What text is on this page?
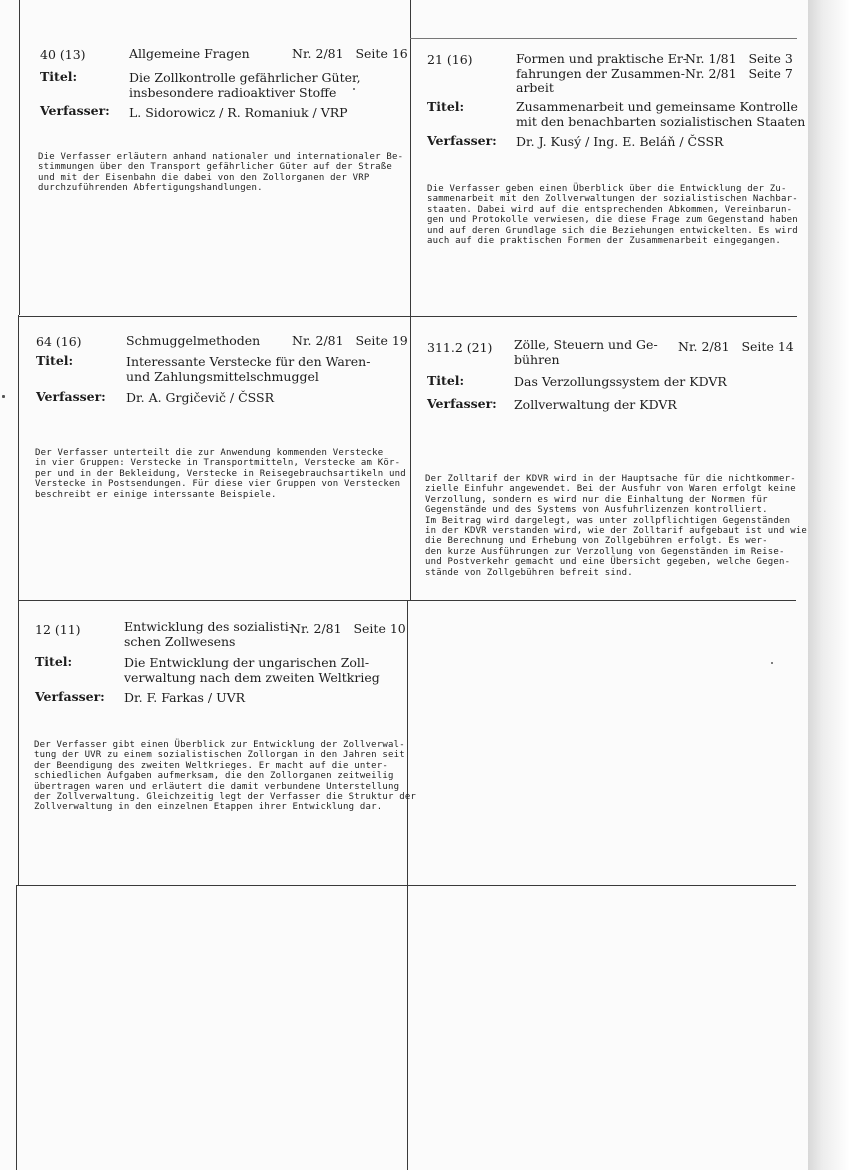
40 (13)	Allgemeine Fragen	Nr. 2/81   Seite 16
Titel:	Die Zollkontrolle gefährlicher Güter,
insbesondere radioaktiver Stoffe
Verfasser: L. Sidorowicz / R. Romaniuk / VRP
Die Verfasser erläutern anhand nationaler und internationaler Be-
stimmungen über den Transport gefährlicher Güter auf der Straße
und mit der Eisenbahn die dabei von den Zollorganen der VRP
durchzuführenden Abfertigungshandlungen.
21 (16)	Formen und praktische Er-
fahrungen der Zusammen-
arbeit
Nr. 1/81   Seite 3
Nr. 2/81   Seite 7
Titel:	Zusammenarbeit und gemeinsame Kontrolle
mit den benachbarten sozialistischen Staaten
Verfasser: Dr. J. Kusý / Ing. E. Beláň / ČSSR
Die Verfasser geben einen Überblick über die Entwicklung der Zu-
sammenarbeit mit den Zollverwaltungen der sozialistischen Nachbar-
staaten. Dabei wird auf die entsprechenden Abkommen, Vereinbarun-
gen und Protokolle verwiesen, die diese Frage zum Gegenstand haben
und auf deren Grundlage sich die Beziehungen entwickelten. Es wird
auch auf die praktischen Formen der Zusammenarbeit eingegangen.
64 (16)	Schmuggelmethoden	Nr. 2/81   Seite 19
Titel:	Interessante Verstecke für den Waren-
und Zahlungsmittelschmuggel
Verfasser: Dr. A. Grgičevič / ČSSR
Der Verfasser unterteilt die zur Anwendung kommenden Verstecke
in vier Gruppen: Verstecke in Transportmitteln, Verstecke am Kör-
per und in der Bekleidung, Verstecke in Reisegebrauchsartikeln und
Verstecke in Postsendungen. Für diese vier Gruppen von Verstecken
beschreibt er einige interssante Beispiele.
311.2 (21) Zölle, Steuern und Ge-
bühren
Nr. 2/81   Seite 14
Titel:	Das Verzollungssystem der KDVR
Verfasser: Zollverwaltung der KDVR
Der Zolltarif der KDVR wird in der Hauptsache für die nichtkommer-
zielle Einfuhr angewendet. Bei der Ausfuhr von Waren erfolgt keine
Verzollung, sondern es wird nur die Einhaltung der Normen für
Gegenstände und des Systems von Ausfuhrlizenzen kontrolliert.
Im Beitrag wird dargelegt, was unter zollpflichtigen Gegenständen
in der KDVR verstanden wird, wie der Zolltarif aufgebaut ist und wie
die Berechnung und Erhebung von Zollgebühren erfolgt. Es wer-
den kurze Ausführungen zur Verzollung von Gegenständen im Reise-
und Postverkehr gemacht und eine Übersicht gegeben, welche Gegen-
stände von Zollgebühren befreit sind.
12 (11)	Entwicklung des sozialisti-
schen Zollwesens
Nr. 2/81   Seite 10
Titel:	Die Entwicklung der ungarischen Zoll-
verwaltung nach dem zweiten Weltkrieg
Verfasser: Dr. F. Farkas / UVR
Der Verfasser gibt einen Überblick zur Entwicklung der Zollverwal-
tung der UVR zu einem sozialistischen Zollorgan in den Jahren seit
der Beendigung des zweiten Weltkrieges. Er macht auf die unter-
schiedlichen Aufgaben aufmerksam, die den Zollorganen zeitweilig
übertragen waren und erläutert die damit verbundene Unterstellung
der Zollverwaltung. Gleichzeitig legt der Verfasser die Struktur der
Zollverwaltung in den einzelnen Etappen ihrer Entwicklung dar.
